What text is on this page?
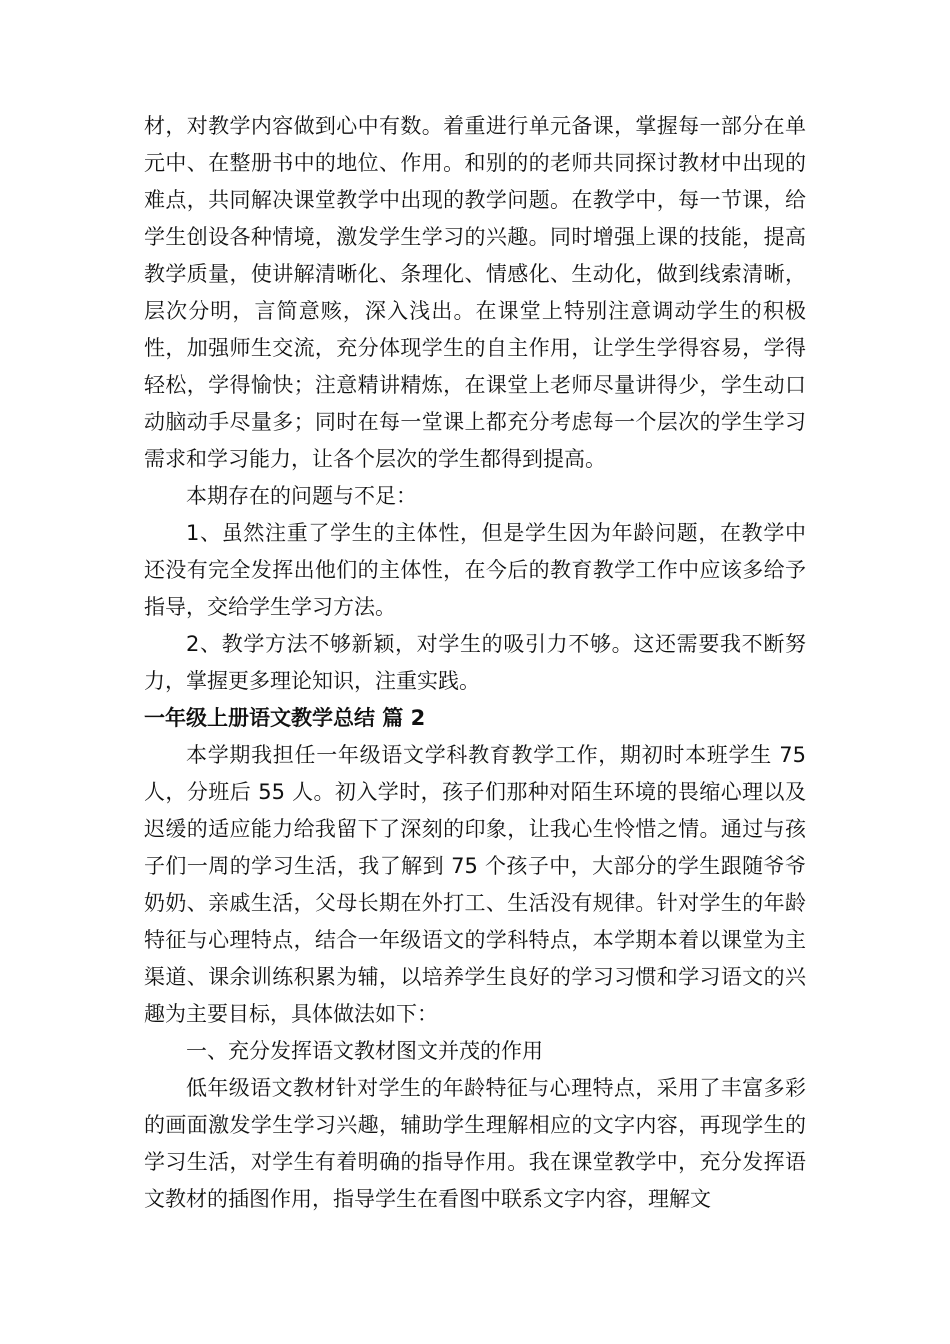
材，对教学内容做到心中有数。着重进行单元备课，掌握每一部分在单元中、在整册书中的地位、作用。和别的的老师共同探讨教材中出现的难点，共同解决课堂教学中出现的教学问题。在教学中，每一节课，给学生创设各种情境，激发学生学习的兴趣。同时增强上课的技能，提高教学质量，使讲解清晰化、条理化、情感化、生动化，做到线索清晰，层次分明，言简意赅，深入浅出。在课堂上特别注意调动学生的积极性，加强师生交流，充分体现学生的自主作用，让学生学得容易，学得轻松，学得愉快；注意精讲精炼，在课堂上老师尽量讲得少，学生动口动脑动手尽量多；同时在每一堂课上都充分考虑每一个层次的学生学习需求和学习能力，让各个层次的学生都得到提高。

本期存在的问题与不足：

1、虽然注重了学生的主体性，但是学生因为年龄问题，在教学中还没有完全发挥出他们的主体性，在今后的教育教学工作中应该多给予指导，交给学生学习方法。

2、教学方法不够新颖，对学生的吸引力不够。这还需要我不断努力，掌握更多理论知识，注重实践。

一年级上册语文教学总结 篇 2

本学期我担任一年级语文学科教育教学工作，期初时本班学生 75 人，分班后 55 人。初入学时，孩子们那种对陌生环境的畏缩心理以及迟缓的适应能力给我留下了深刻的印象，让我心生怜惜之情。通过与孩子们一周的学习生活，我了解到 75 个孩子中，大部分的学生跟随爷爷奶奶、亲戚生活，父母长期在外打工、生活没有规律。针对学生的年龄特征与心理特点，结合一年级语文的学科特点，本学期本着以课堂为主渠道、课余训练积累为辅，以培养学生良好的学习习惯和学习语文的兴趣为主要目标，具体做法如下：

一、充分发挥语文教材图文并茂的作用

低年级语文教材针对学生的年龄特征与心理特点，采用了丰富多彩的画面激发学生学习兴趣，辅助学生理解相应的文字内容，再现学生的学习生活，对学生有着明确的指导作用。我在课堂教学中，充分发挥语文教材的插图作用，指导学生在看图中联系文字内容，理解文
